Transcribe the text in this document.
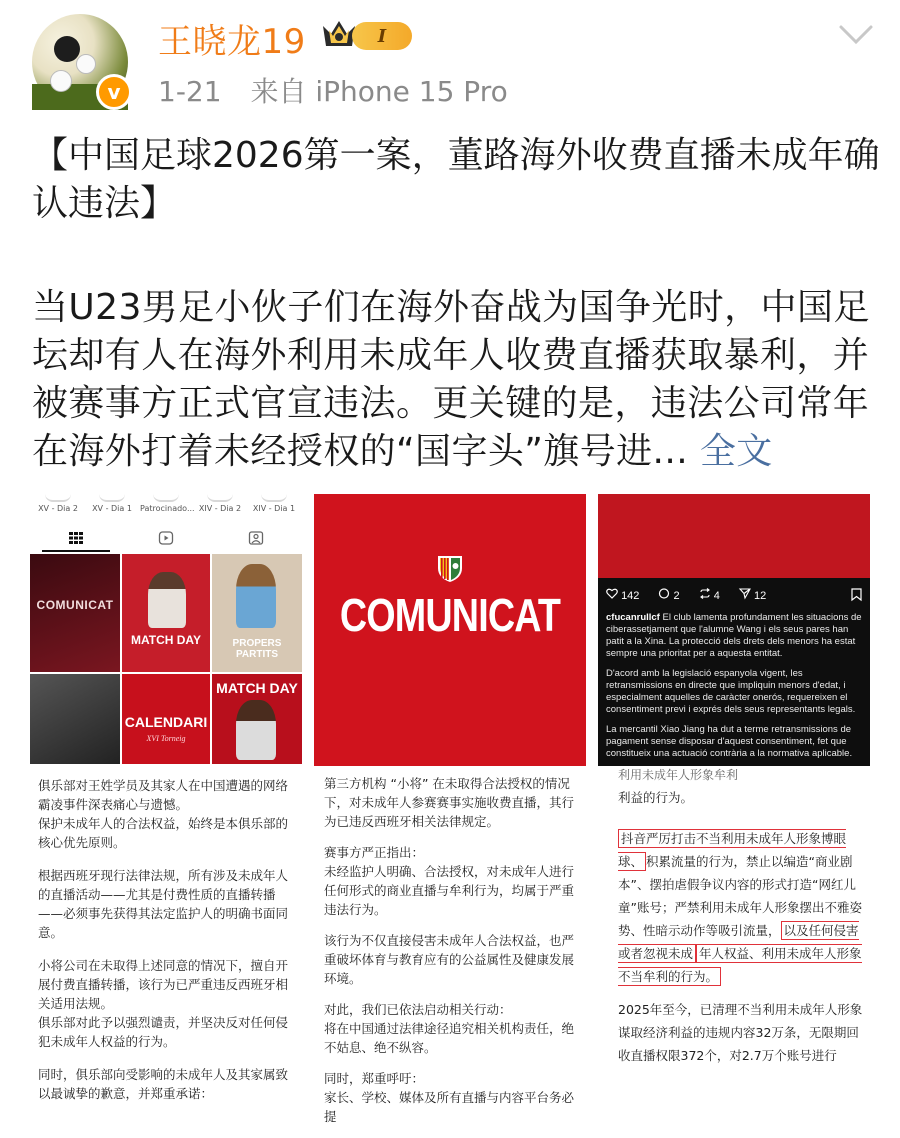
v
王晓龙19	I
1-21 来自 iPhone 15 Pro
【中国足球2026第一案，董路海外收费直播未成年确认违法】
当U23男足小伙子们在海外奋战为国争光时，中国足坛却有人在海外利用未成年人收费直播获取暴利，并被赛事方正式官宣违法。更关键的是，违法公司常年在海外打着未经授权的“国字头”旗号进... 全文
XV - Dia 2	XV - Dia 1	Patrocinado... XIV - Dia 2	XIV - Dia 1
COMUNICAT
MATCH DAY	PROPERS PARTITS
CALENDARI
XVI Torneig
MATCH DAY

俱乐部对王姓学员及其家人在中国遭遇的网络霸凌事件深表痛心与遗憾。

保护未成年人的合法权益，始终是本俱乐部的核心优先原则。

根据西班牙现行法律法规，所有涉及未成年人的直播活动——尤其是付费性质的直播转播——必须事先获得其法定监护人的明确书面同意。

小将公司在未取得上述同意的情况下，擅自开展付费直播转播，该行为已严重违反西班牙相关适用法规。

俱乐部对此予以强烈谴责，并坚决反对任何侵犯未成年人权益的行为。

同时，俱乐部向受影响的未成年人及其家属致以最诚挚的歉意，并郑重承诺：

COMUNICAT

第三方机构 “小将” 在未取得合法授权的情况下，对未成年人参赛赛事实施收费直播，其行为已违反西班牙相关法律规定。

赛事方严正指出：

未经监护人明确、合法授权，对未成年人进行任何形式的商业直播与牟利行为，均属于严重违法行为。

该行为不仅直接侵害未成年人合法权益，也严重破坏体育与教育应有的公益属性及健康发展环境。

对此，我们已依法启动相关行动：

将在中国通过法律途径追究相关机构责任，绝不姑息、绝不纵容。

同时，郑重呼吁：

家长、学校、媒体及所有直播与内容平台务必提

142	2	4	12

cfucanrullcf El club lamenta profundament les situacions de ciberassetjament que l'alumne Wang i els seus pares han patit a la Xina. La protecció dels drets dels menors ha estat sempre una prioritat per a aquesta entitat.

D'acord amb la legislació espanyola vigent, les retransmissions en directe que impliquin menors d'edat, i especialment aquelles de caràcter onerós, requereixen el consentiment previ i exprés dels seus representants legals.

La mercantil Xiao Jiang ha dut a terme retransmissions de pagament sense disposar d'aquest consentiment, fet que constitueix una actuació contrària a la normativa aplicable.

利用未成年人形象牟利

利益的行为。

抖音严厉打击不当利用未成年人形象博眼球、 积累流量的行为，禁止以编造“商业剧本”、摆拍虐假争议内容的形式打造“网红儿童”账号；严禁利用未成年人形象摆出不雅姿势、性暗示动作等吸引流量， 以及任何侵害或者忽视未成 年人权益、利用未成年人形象不当牟利的行为。

2025年至今，已清理不当利用未成年人形象谋取经济利益的违规内容32万条，无限期回收直播权限372个，对2.7万个账号进行
